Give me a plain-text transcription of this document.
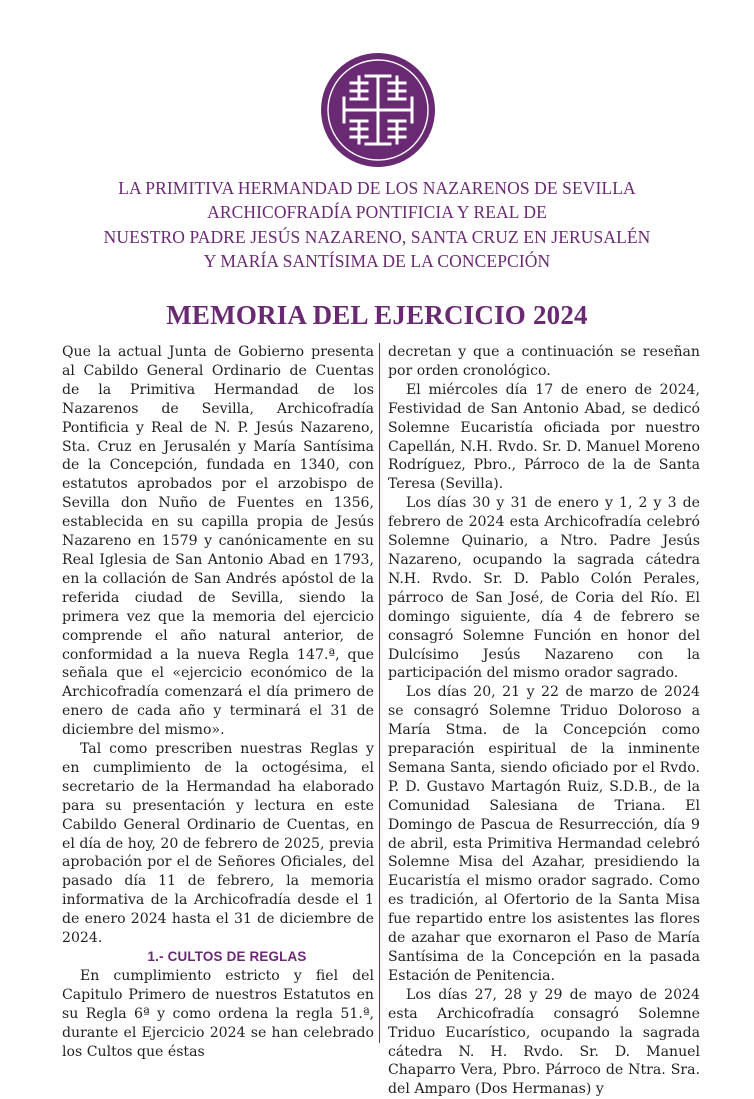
LA PRIMITIVA HERMANDAD DE LOS NAZARENOS DE SEVILLA
ARCHICOFRADÍA PONTIFICIA Y REAL DE
NUESTRO PADRE JESÚS NAZARENO, SANTA CRUZ EN JERUSALÉN
Y MARÍA SANTÍSIMA DE LA CONCEPCIÓN
MEMORIA DEL EJERCICIO 2024

Que la actual Junta de Gobierno presenta al Cabildo General Ordinario de Cuentas de la Primitiva Hermandad de los Nazarenos de Sevilla, Archicofradía Pontificia y Real de N. P. Jesús Nazareno, Sta. Cruz en Jerusalén y María Santísima de la Concepción, fundada en 1340, con estatutos aprobados por el arzobispo de Sevilla don Nuño de Fuentes en 1356, establecida en su capilla propia de Jesús Nazareno en 1579 y canónicamente en su Real Iglesia de San Antonio Abad en 1793, en la collación de San Andrés apóstol de la referida ciudad de Sevilla, siendo la primera vez que la memoria del ejercicio comprende el año natural anterior, de conformidad a la nueva Regla 147.ª, que señala que el «ejercicio económico de la Archicofradía comenzará el día primero de enero de cada año y terminará el 31 de diciembre del mismo».

Tal como prescriben nuestras Reglas y en cumplimiento de la octogésima, el secretario de la Hermandad ha elaborado para su presentación y lectura en este Cabildo General Ordinario de Cuentas, en el día de hoy, 20 de febrero de 2025, previa aprobación por el de Señores Oficiales, del pasado día 11 de febrero, la memoria informativa de la Archicofradía desde el 1 de enero 2024 hasta el 31 de diciembre de 2024.

1.- CULTOS DE REGLAS

En cumplimiento estricto y fiel del Capitulo Primero de nuestros Estatutos en su Regla 6ª y como ordena la regla 51.ª, durante el Ejercicio 2024 se han celebrado los Cultos que éstas

decretan y que a continuación se reseñan por orden cronológico.

El miércoles día 17 de enero de 2024, Festividad de San Antonio Abad, se dedicó Solemne Eucaristía oficiada por nuestro Capellán, N.H. Rvdo. Sr. D. Manuel Moreno Rodríguez, Pbro., Párroco de la de Santa Teresa (Sevilla).

Los días 30 y 31 de enero y 1, 2 y 3 de febrero de 2024 esta Archicofradía celebró Solemne Quinario, a Ntro. Padre Jesús Nazareno, ocupando la sagrada cátedra N.H. Rvdo. Sr. D. Pablo Colón Perales, párroco de San José, de Coria del Río. El domingo siguiente, día 4 de febrero se consagró Solemne Función en honor del Dulcísimo Jesús Nazareno con la participación del mismo orador sagrado.

Los días 20, 21 y 22 de marzo de 2024 se consagró Solemne Triduo Doloroso a María Stma. de la Concepción como preparación espiritual de la inminente Semana Santa, siendo oficiado por el Rvdo. P. D. Gustavo Martagón Ruiz, S.D.B., de la Comunidad Salesiana de Triana. El Domingo de Pascua de Resurrección, día 9 de abril, esta Primitiva Hermandad celebró Solemne Misa del Azahar, presidiendo la Eucaristía el mismo orador sagrado. Como es tradición, al Ofertorio de la Santa Misa fue repartido entre los asistentes las flores de azahar que exornaron el Paso de María Santísima de la Concepción en la pasada Estación de Penitencia.

Los días 27, 28 y 29 de mayo de 2024 esta Archicofradía consagró Solemne Triduo Eucarístico, ocupando la sagrada cátedra N. H. Rvdo. Sr. D. Manuel Chaparro Vera, Pbro. Párroco de Ntra. Sra. del Amparo (Dos Hermanas) y
